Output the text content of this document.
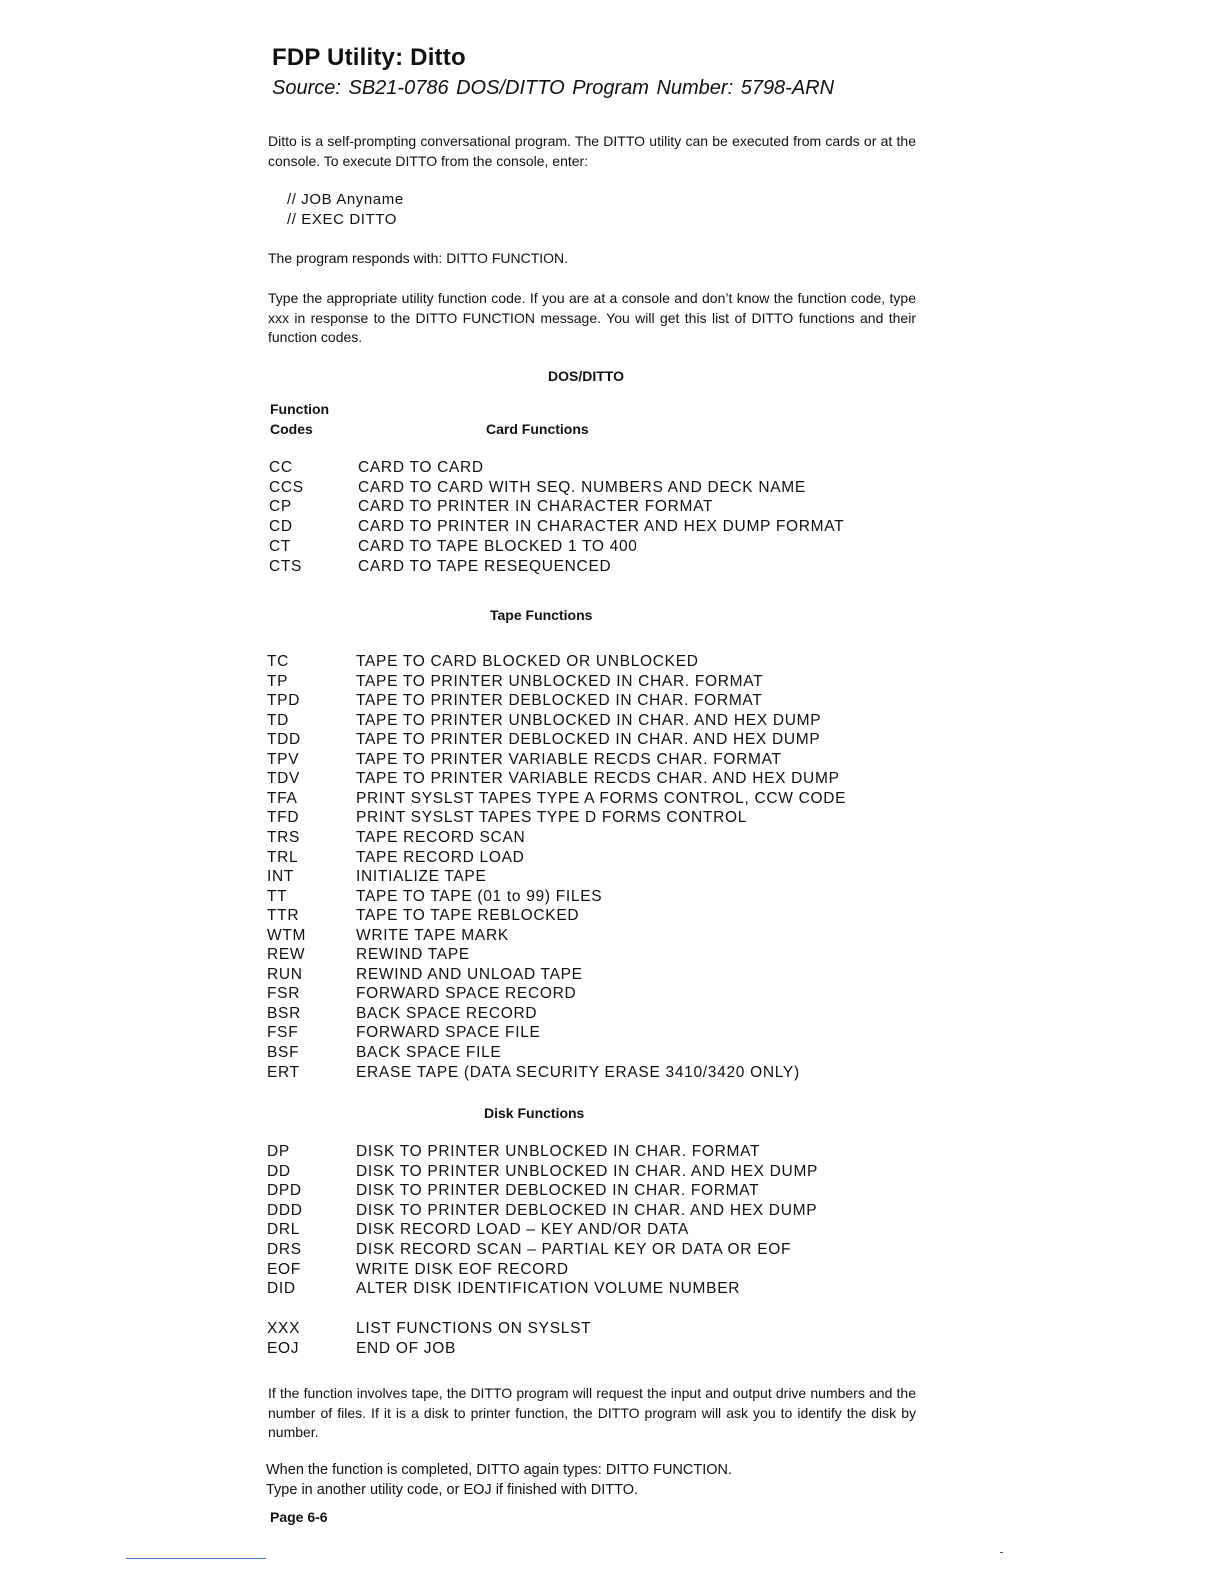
FDP Utility: Ditto
Source: SB21-0786 DOS/DITTO Program Number: 5798-ARN
Ditto is a self-prompting conversational program. The DITTO utility can be executed from cards or at the console. To execute DITTO from the console, enter:
// JOB Anyname
// EXEC DITTO
The program responds with: DITTO FUNCTION.
Type the appropriate utility function code. If you are at a console and don’t know the function code, type xxx in response to the DITTO FUNCTION message. You will get this list of DITTO functions and their function codes.
DOS/DITTO
Function
Codes	Card Functions
CC	CARD TO CARD
CCS	CARD TO CARD WITH SEQ. NUMBERS AND DECK NAME
CP	CARD TO PRINTER IN CHARACTER FORMAT
CD	CARD TO PRINTER IN CHARACTER AND HEX DUMP FORMAT
CT	CARD TO TAPE BLOCKED 1 TO 400
CTS	CARD TO TAPE RESEQUENCED
Tape Functions
TC	TAPE TO CARD BLOCKED OR UNBLOCKED
TP	TAPE TO PRINTER UNBLOCKED IN CHAR. FORMAT
TPD	TAPE TO PRINTER DEBLOCKED IN CHAR. FORMAT
TD	TAPE TO PRINTER UNBLOCKED IN CHAR. AND HEX DUMP
TDD	TAPE TO PRINTER DEBLOCKED IN CHAR. AND HEX DUMP
TPV	TAPE TO PRINTER VARIABLE RECDS CHAR. FORMAT
TDV	TAPE TO PRINTER VARIABLE RECDS CHAR. AND HEX DUMP
TFA	PRINT SYSLST TAPES TYPE A FORMS CONTROL, CCW CODE
TFD	PRINT SYSLST TAPES TYPE D FORMS CONTROL
TRS	TAPE RECORD SCAN
TRL	TAPE RECORD LOAD
INT	INITIALIZE TAPE
TT	TAPE TO TAPE (01 to 99) FILES
TTR	TAPE TO TAPE REBLOCKED
WTM	WRITE TAPE MARK
REW	REWIND TAPE
RUN	REWIND AND UNLOAD TAPE
FSR	FORWARD SPACE RECORD
BSR	BACK SPACE RECORD
FSF	FORWARD SPACE FILE
BSF	BACK SPACE FILE
ERT	ERASE TAPE (DATA SECURITY ERASE 3410/3420 ONLY)
Disk Functions
DP	DISK TO PRINTER UNBLOCKED IN CHAR. FORMAT
DD	DISK TO PRINTER UNBLOCKED IN CHAR. AND HEX DUMP
DPD	DISK TO PRINTER DEBLOCKED IN CHAR. FORMAT
DDD	DISK TO PRINTER DEBLOCKED IN CHAR. AND HEX DUMP
DRL	DISK RECORD LOAD – KEY AND/OR DATA
DRS	DISK RECORD SCAN – PARTIAL KEY OR DATA OR EOF
EOF	WRITE DISK EOF RECORD
DID	ALTER DISK IDENTIFICATION VOLUME NUMBER
XXX	LIST FUNCTIONS ON SYSLST
EOJ	END OF JOB
If the function involves tape, the DITTO program will request the input and output drive numbers and the number of files. If it is a disk to printer function, the DITTO program will ask you to identify the disk by number.
When the function is completed, DITTO again types: DITTO FUNCTION.
Type in another utility code, or EOJ if finished with DITTO.
Page 6-6
